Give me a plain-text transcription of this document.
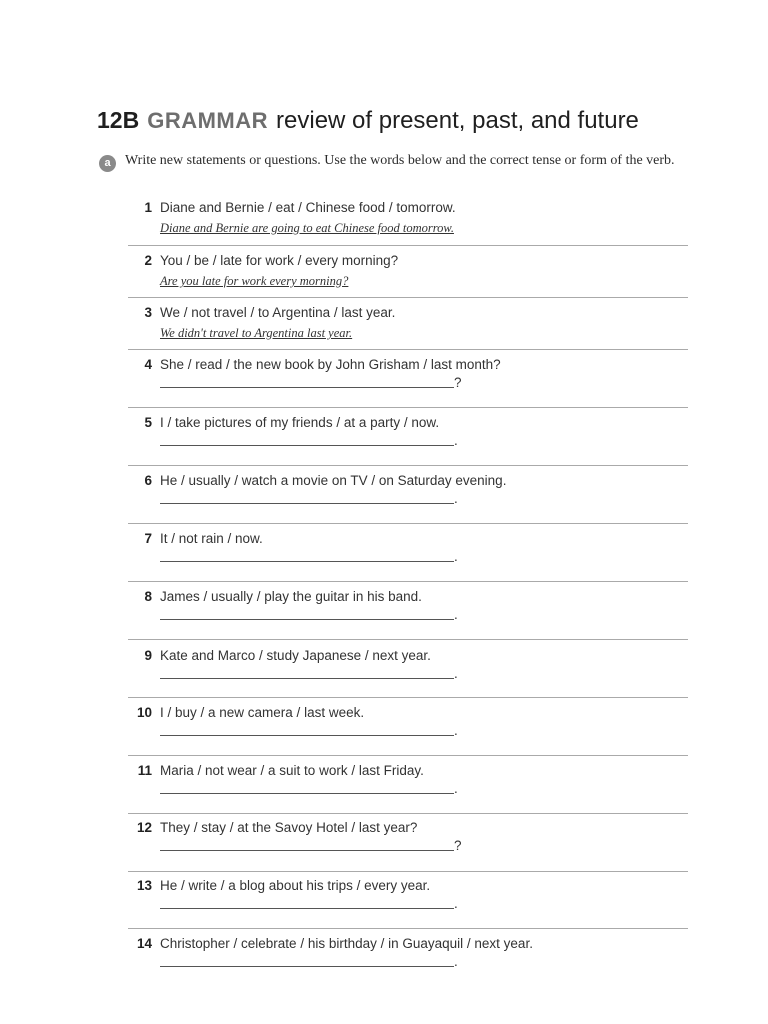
12B GRAMMAR review of present, past, and future
a	Write new statements or questions. Use the words below and the correct tense or form of the verb.
1 Diane and Bernie / eat / Chinese food / tomorrow.
Diane and Bernie are going to eat Chinese food tomorrow.
2 You / be / late for work / every morning?
Are you late for work every morning?
3 We / not travel / to Argentina / last year.
We didn't travel to Argentina last year.
4 She / read / the new book by John Grisham / last month?
?
5 I / take pictures of my friends / at a party / now.
.
6 He / usually / watch a movie on TV / on Saturday evening.
.
7 It / not rain / now.
.
8 James / usually / play the guitar in his band.
.
9 Kate and Marco / study Japanese / next year.
.
10 I / buy / a new camera / last week.
.
11 Maria / not wear / a suit to work / last Friday.
.
12 They / stay / at the Savoy Hotel / last year?
?
13 He / write / a blog about his trips / every year.
.
14 Christopher / celebrate / his birthday / in Guayaquil / next year.
.
